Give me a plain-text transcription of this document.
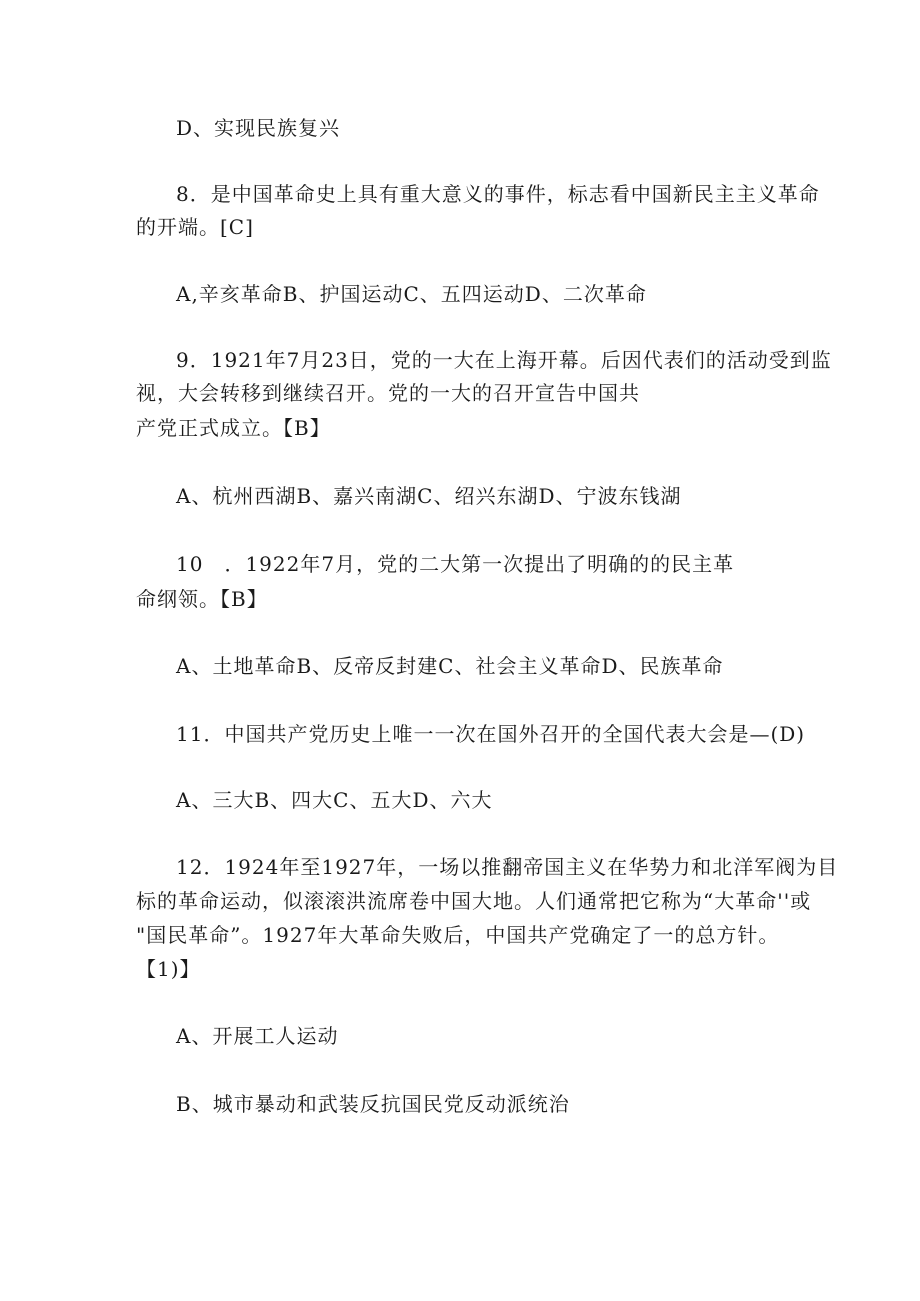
D、实现民族复兴
8．是中国革命史上具有重大意义的事件，标志看中国新民主主义革命
的开端。[C]
A,辛亥革命B、护国运动C、五四运动D、二次革命
9．1921年7月23日，党的一大在上海开幕。后因代表们的活动受到监
视，大会转移到继续召开。党的一大的召开宣告中国共
产党正式成立。【B】
A、杭州西湖B、嘉兴南湖C、绍兴东湖D、宁波东钱湖
10　．1922年7月，党的二大第一次提出了明确的的民主革
命纲领。【B】
A、土地革命B、反帝反封建C、社会主义革命D、民族革命
11．中国共产党历史上唯一一次在国外召开的全国代表大会是—(D)
A、三大B、四大C、五大D、六大
12．1924年至1927年，一场以推翻帝国主义在华势力和北洋军阀为目
标的革命运动，似滚滚洪流席卷中国大地。人们通常把它称为“大革命''或
"国民革命”。1927年大革命失败后，中国共产党确定了一的总方针。
【1)】
A、开展工人运动
B、城市暴动和武装反抗国民党反动派统治
